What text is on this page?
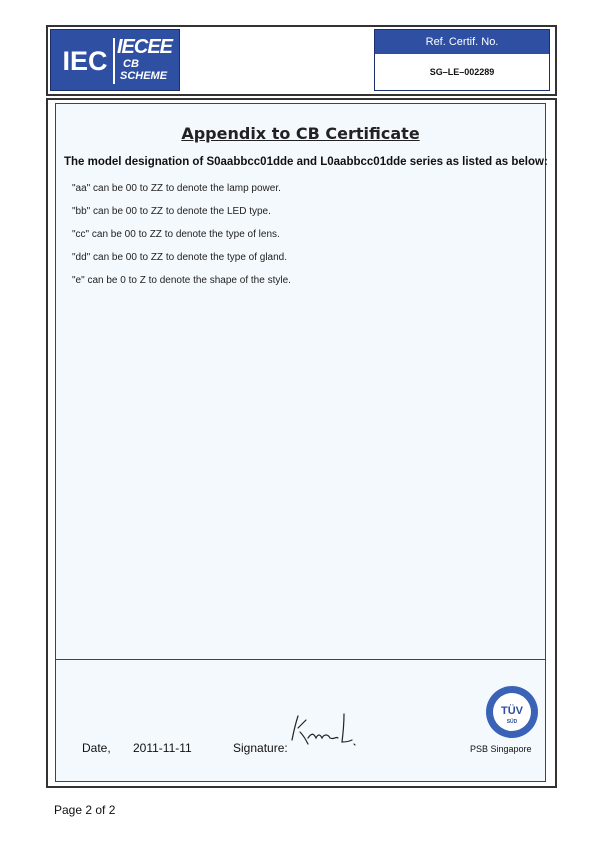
IEC IECEE
CB
SCHEME
Ref. Certif. No.
SG–LE–002289
Appendix to CB Certificate
The model designation of S0aabbcc01dde and L0aabbcc01dde series as listed as below:
"aa" can be 00 to ZZ to denote the lamp power.
"bb" can be 00 to ZZ to denote the LED type.
"cc" can be 00 to ZZ to denote the type of lens.
"dd" can be 00 to ZZ to denote the type of gland.
"e" can be 0 to Z to denote the shape of the style.
Date, 2011-11-11	Signature:
TÜV
SÜD
PSB Singapore
Page 2 of 2
